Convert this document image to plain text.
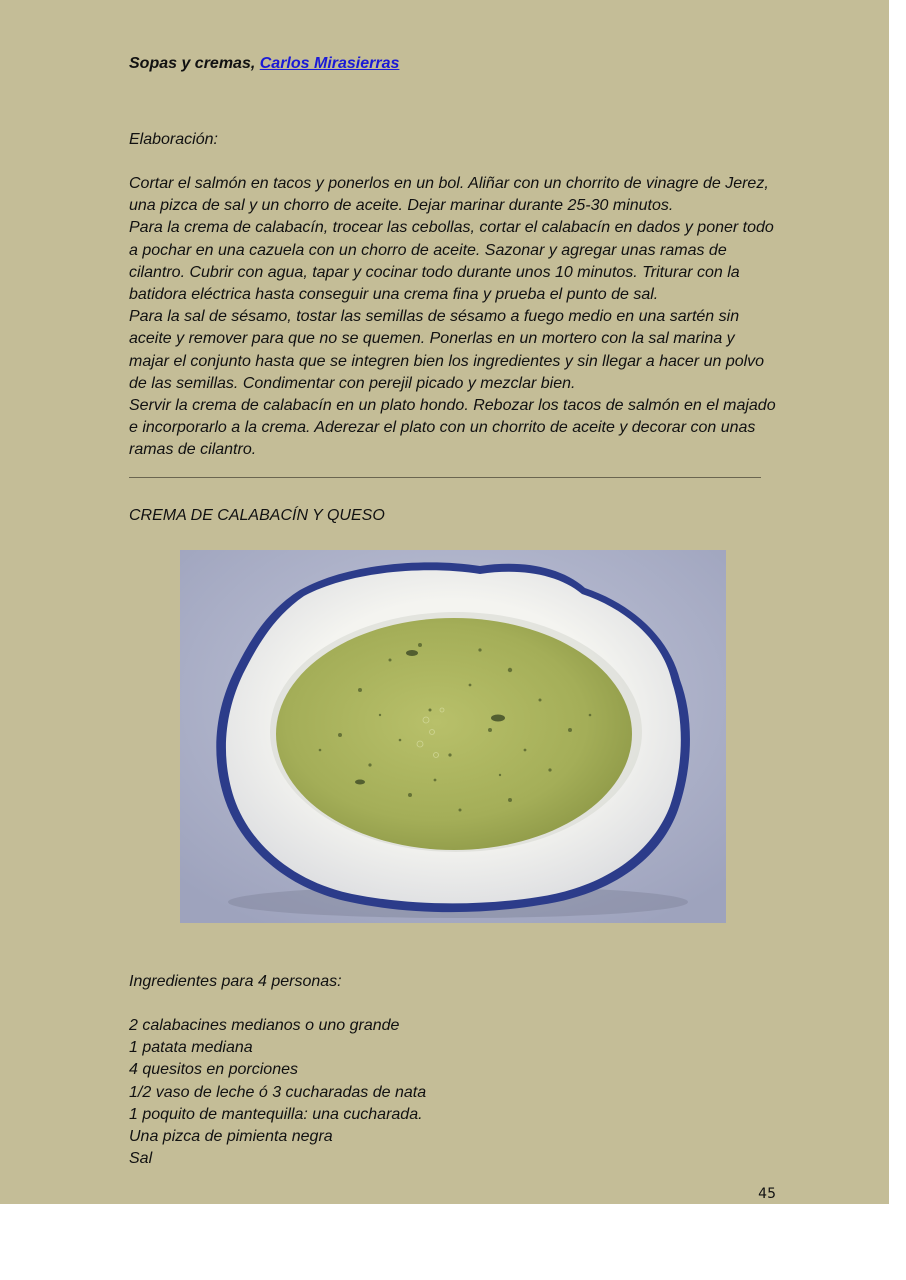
Sopas y cremas, Carlos Mirasierras
Elaboración:

Cortar el salmón en tacos y ponerlos en un bol. Aliñar con un chorrito de vinagre de Jerez, una pizca de sal y un chorro de aceite. Dejar marinar durante 25-30 minutos.

Para la crema de calabacín, trocear las cebollas, cortar el calabacín en dados y poner todo a pochar en una cazuela con un chorro de aceite. Sazonar y agregar unas ramas de cilantro. Cubrir con agua, tapar y cocinar todo durante unos 10 minutos. Triturar con la batidora eléctrica hasta conseguir una crema fina y prueba el punto de sal.

Para la sal de sésamo, tostar las semillas de sésamo a fuego medio en una sartén sin aceite y remover para que no se quemen. Ponerlas en un mortero con la sal marina y majar el conjunto hasta que se integren bien los ingredientes y sin llegar a hacer un polvo de las semillas. Condimentar con perejil picado y mezclar bien.

Servir la crema de calabacín en un plato hondo. Rebozar los tacos de salmón en el majado e incorporarlo a la crema. Aderezar el plato con un chorrito de aceite y decorar con unas ramas de cilantro.

CREMA DE CALABACÍN Y QUESO
Ingredientes para 4 personas:
2 calabacines medianos o uno grande
1 patata mediana
4 quesitos en porciones
1/2 vaso de leche ó 3 cucharadas de nata
1 poquito de mantequilla: una cucharada.
Una pizca de pimienta negra
Sal
45
